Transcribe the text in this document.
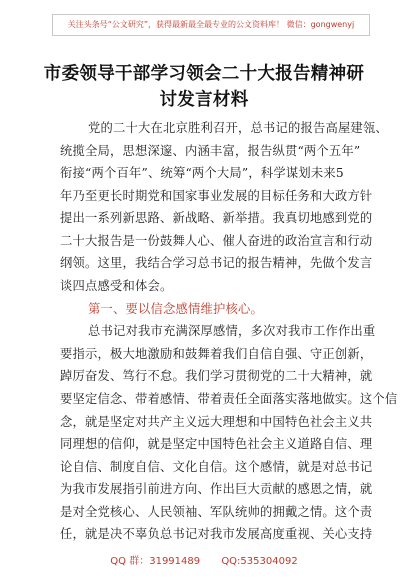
关注头条号“公文研究”，获得最新最全最专业的公文资料库！ 微信：gongwenyj
市委领导干部学习领会二十大报告精神研
讨发言材料
党的二十大在北京胜利召开，总书记的报告高屋建瓴、
统揽全局，思想深邃、内涵丰富，报告纵贯“两个五年”
衔接“两个百年”、统筹“两个大局”，科学谋划未来5
年乃至更长时期党和国家事业发展的目标任务和大政方针
提出一系列新思路、新战略、新举措。我真切地感到党的
二十大报告是一份鼓舞人心、催人奋进的政治宣言和行动
纲领。这里，我结合学习总书记的报告精神，先做个发言
谈四点感受和体会。
第一、要以信念感情维护核心。
总书记对我市充满深厚感情，多次对我市工作作出重
要指示，极大地激励和鼓舞着我们自信自强、守正创新，
踔厉奋发、笃行不怠。我们学习贯彻党的二十大精神，就
要坚定信念、带着感情、带着责任全面落实落地做实。这个信
念，就是坚定对共产主义远大理想和中国特色社会主义共
同理想的信仰，就是坚定中国特色社会主义道路自信、理
论自信、制度自信、文化自信。这个感情，就是对总书记
为我市发展指引前进方向、作出巨大贡献的感恩之情，就
是对全党核心、人民领袖、军队统帅的拥戴之情。这个责
任，就是决不辜负总书记对我市发展高度重视、关心支持
QQ 群：31991489 QQ:535304092
